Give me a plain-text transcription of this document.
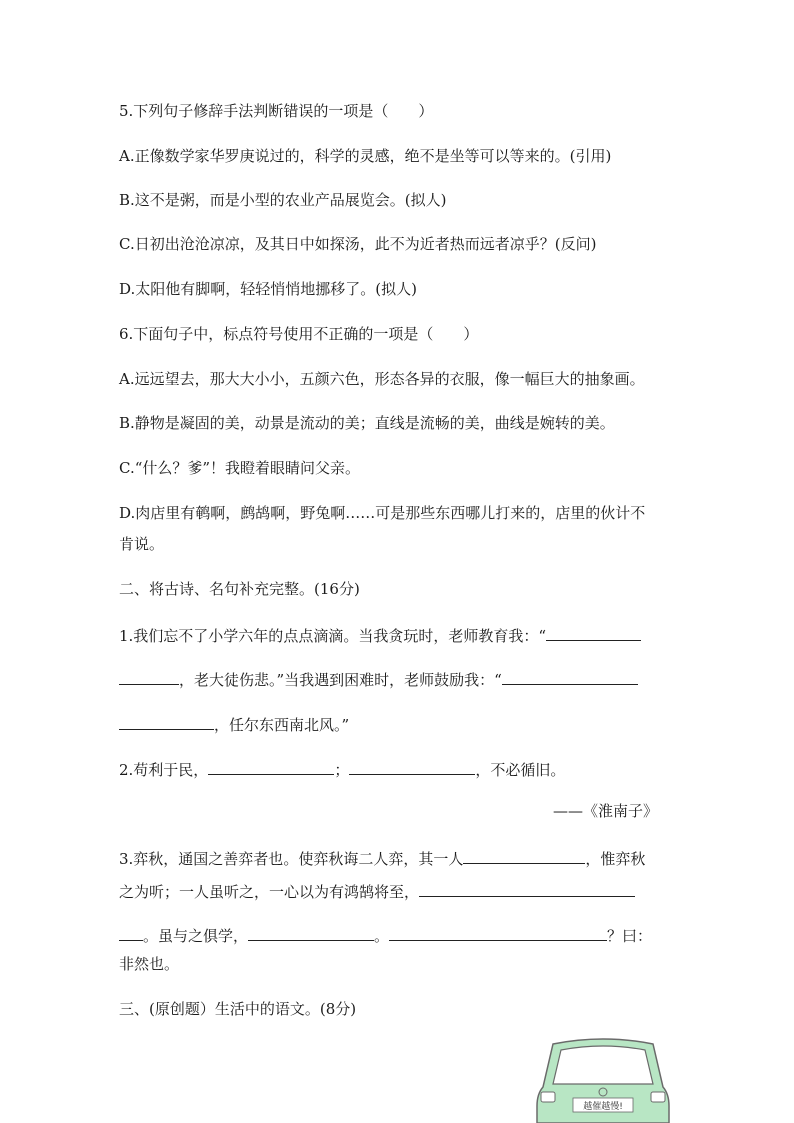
5.下列句子修辞手法判断错误的一项是（　　）
A.正像数学家华罗庚说过的，科学的灵感，绝不是坐等可以等来的。(引用)
B.这不是粥，而是小型的农业产品展览会。(拟人)
C.日初出沧沧凉凉，及其日中如探汤，此不为近者热而远者凉乎？(反问)
D.太阳他有脚啊，轻轻悄悄地挪移了。(拟人)
6.下面句子中，标点符号使用不正确的一项是（　　）
A.远远望去，那大大小小，五颜六色，形态各异的衣服，像一幅巨大的抽象画。
B.静物是凝固的美，动景是流动的美；直线是流畅的美，曲线是婉转的美。
C.“什么？爹”！我瞪着眼睛问父亲。
D.肉店里有鹌啊，鹧鸪啊，野兔啊……可是那些东西哪儿打来的，店里的伙计不
肯说。
二、将古诗、名句补充完整。(16分)
1.我们忘不了小学六年的点点滴滴。当我贪玩时，老师教育我：“
，老大徒伤悲。”当我遇到困难时，老师鼓励我：“
，任尔东西南北风。”
2.苟利于民，	；	，不必循旧。
——《淮南子》
3.弈秋，通国之善弈者也。使弈秋诲二人弈，其一人	，惟弈秋
之为听；一人虽听之，一心以为有鸿鹄将至，
。虽与之俱学，	。	？曰：
非然也。
三、(原创题）生活中的语文。(8分)
越催越慢!
